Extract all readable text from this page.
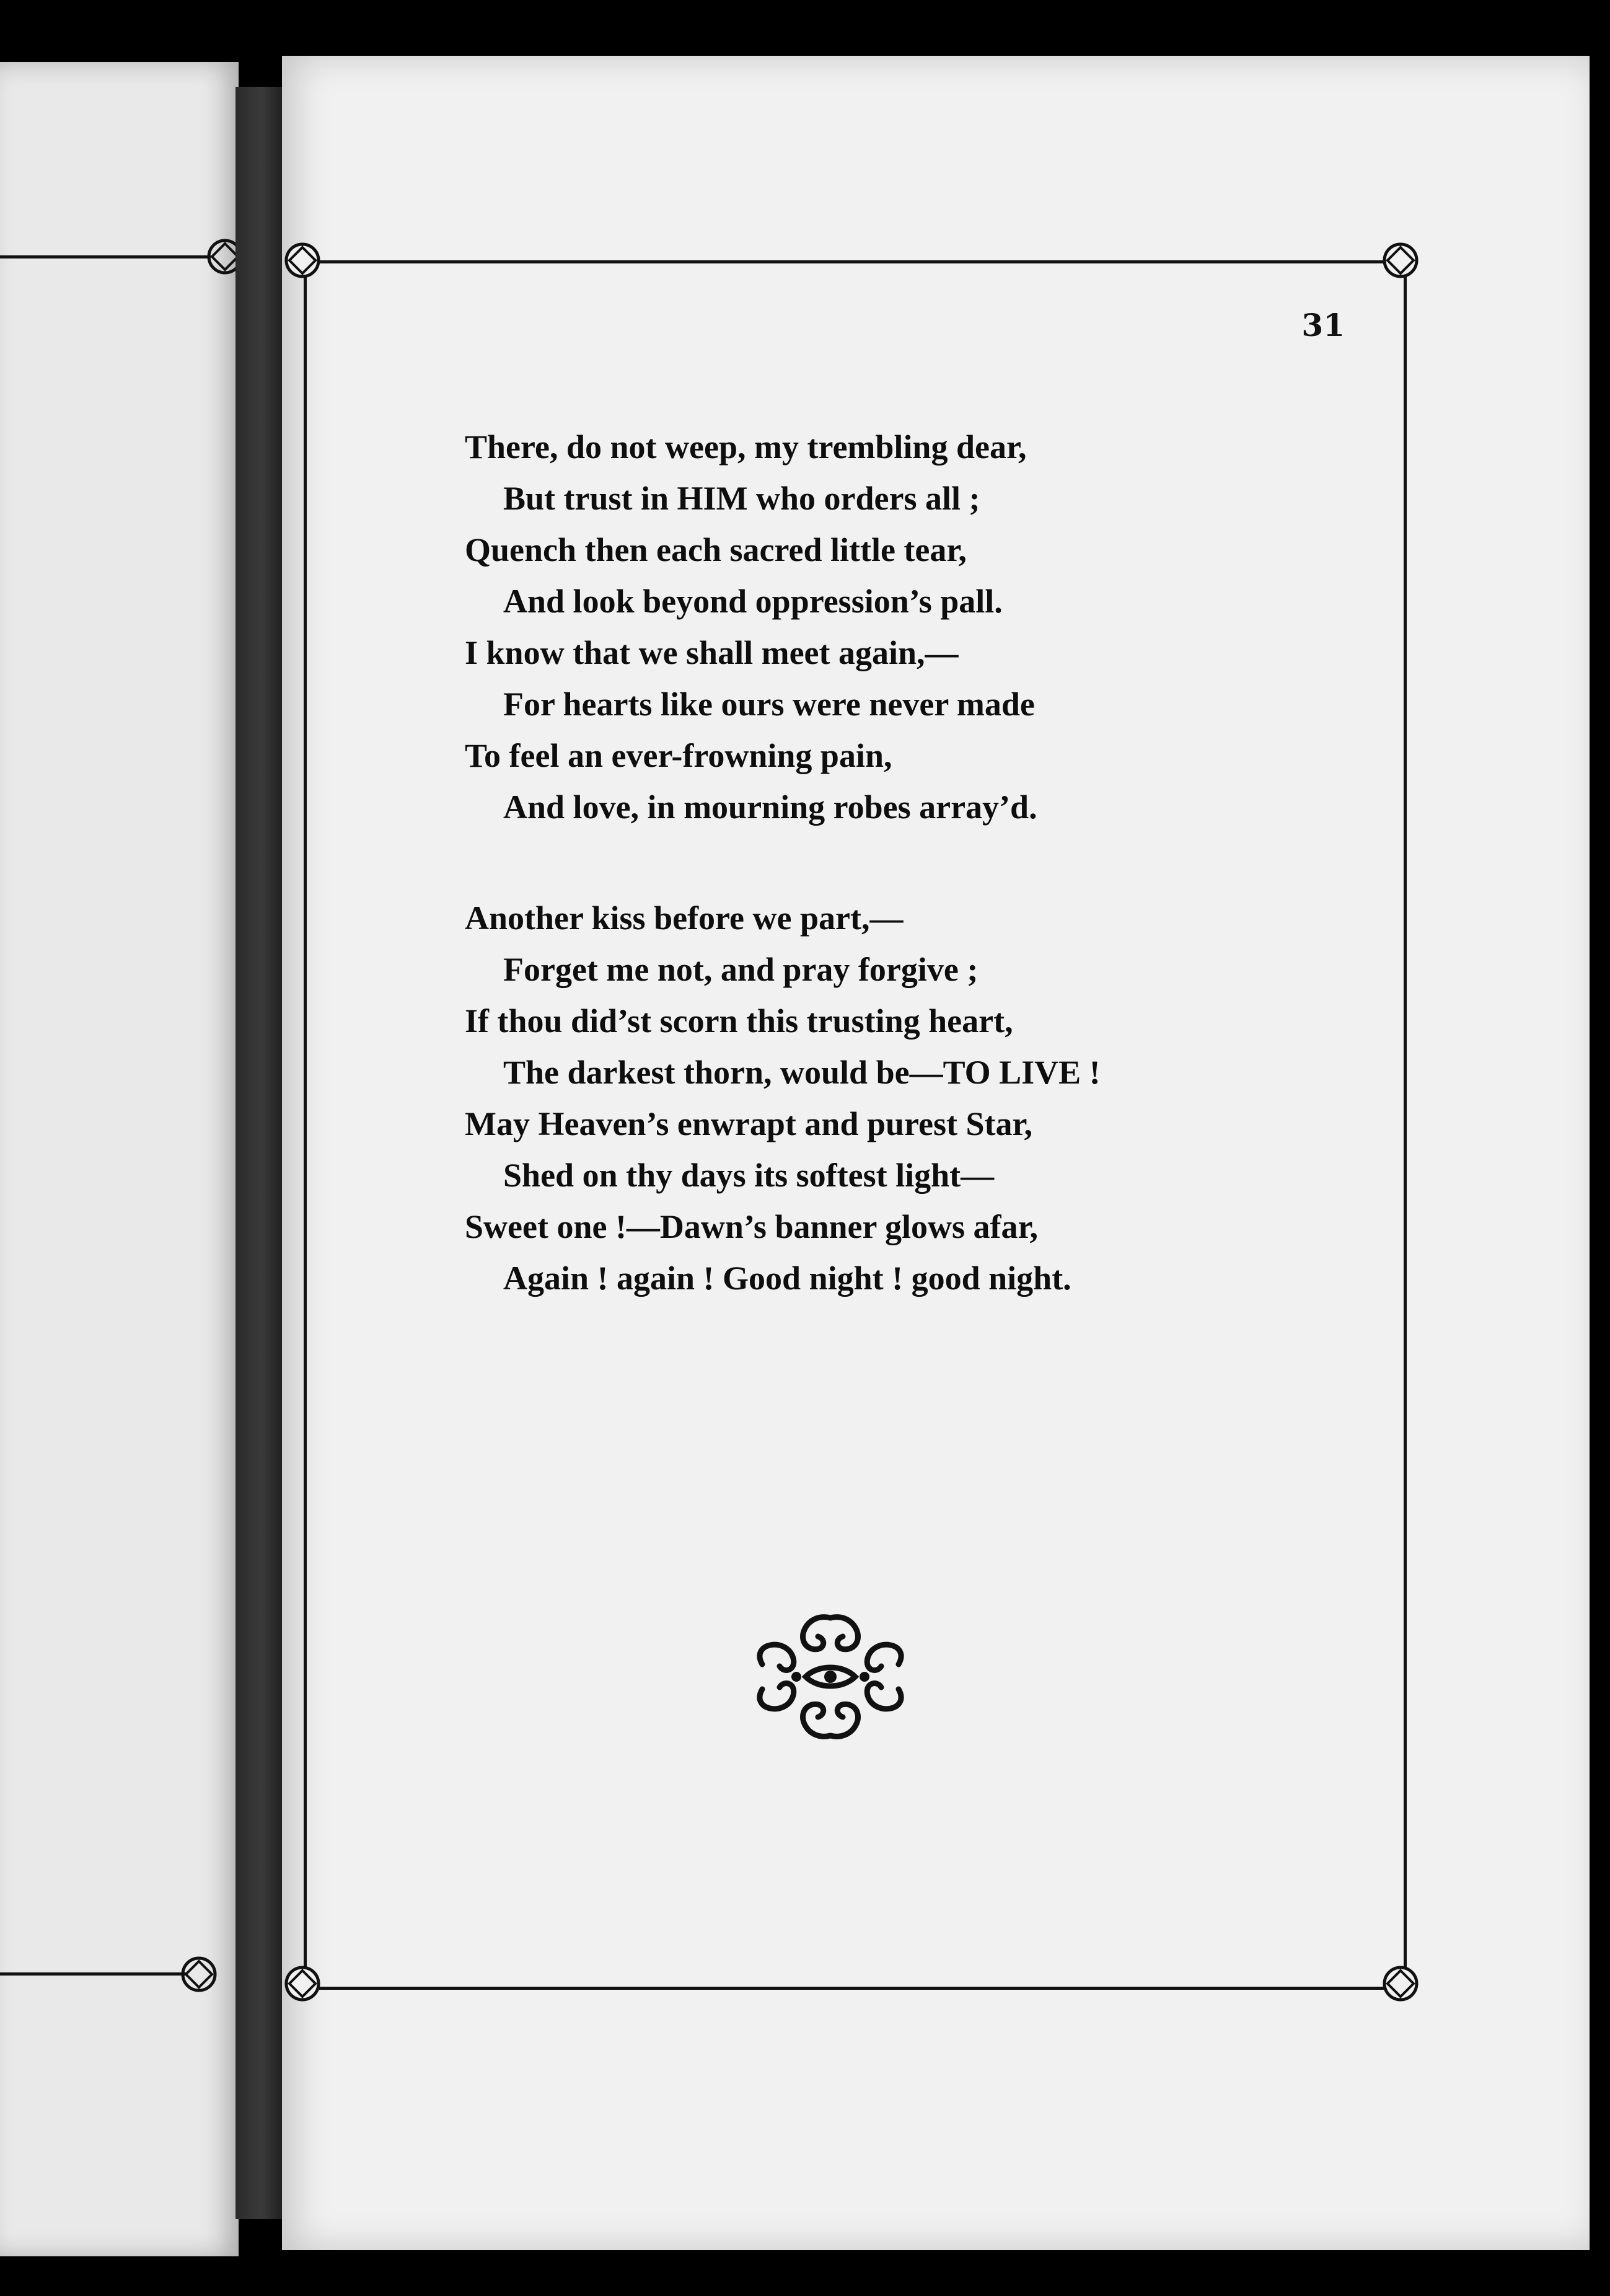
31
There, do not weep, my trembling dear,
But trust in HIM who orders all ;
Quench then each sacred little tear,
And look beyond oppression’s pall.
I know that we shall meet again,—
For hearts like ours were never made
To feel an ever-frowning pain,
And love, in mourning robes array’d.
Another kiss before we part,—
Forget me not, and pray forgive ;
If thou did’st scorn this trusting heart,
The darkest thorn, would be—TO LIVE !
May Heaven’s enwrapt and purest Star,
Shed on thy days its softest light—
Sweet one !—Dawn’s banner glows afar,
Again ! again ! Good night ! good night.
